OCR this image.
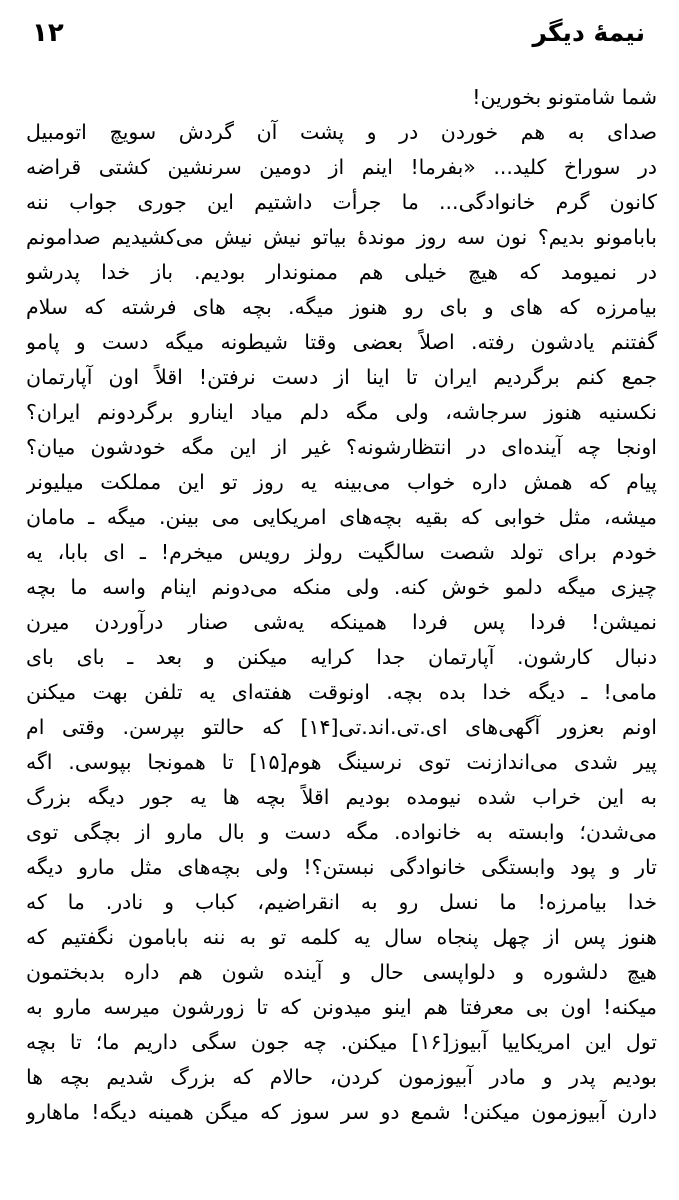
۱۲	نیمهٔ دیگر
شما شامتونو بخورین!
صدای به هم خوردن در و پشت آن گردش سویچ اتومبیل
در سوراخ کلید... «بفرما! اینم از دومین سرنشین کشتی قراضه
کانون گرم خانوادگی... ما جرأت داشتیم این جوری جواب ننه
بابامونو بدیم؟ نون سه روز موندهٔ بیاتو نیش نیش می‌کشیدیم صدامونم
در نمیومد که هیچ خیلی هم ممنوندار بودیم. باز خدا پدرشو
بیامرزه که های و بای رو هنوز میگه. بچه های فرشته که سلام
گفتنم یادشون رفته. اصلاً بعضی وقتا شیطونه میگه دست و پامو
جمع کنم برگردیم ایران تا اینا از دست نرفتن! اقلاً اون آپارتمان
نکسنیه هنوز سرجاشه، ولی مگه دلم میاد اینارو برگردونم ایران؟
اونجا چه آینده‌ای در انتظارشونه؟ غیر از این مگه خودشون میان؟
پیام که همش داره خواب می‌بینه یه روز تو این مملکت میلیونر
میشه، مثل خوابی که بقیه بچه‌های امریکایی می بینن. میگه ـ مامان
خودم برای تولد شصت سالگیت رولز رویس میخرم! ـ ای بابا، یه
چیزی میگه دلمو خوش کنه. ولی منکه می‌دونم اینام واسه ما بچه
نمیشن! فردا پس فردا همینکه یه‌شی صنار درآوردن میرن
دنبال کارشون. آپارتمان جدا کرایه میکنن و بعد ـ بای بای
مامی! ـ دیگه خدا بده بچه. اونوقت هفته‌ای یه تلفن بهت میکنن
اونم بعزور آگهی‌های ای.تی.اند.تی[۱۴] که حالتو بپرسن. وقتی ام
پیر شدی می‌اندازنت توی نرسینگ هوم[۱۵] تا همونجا بپوسی. اگه
به این خراب شده نیومده بودیم اقلاً بچه ها یه جور دیگه بزرگ
می‌شدن؛ وابسته به خانواده. مگه دست و بال مارو از بچگی توی
تار و پود وابستگی خانوادگی نبستن؟! ولی بچه‌های مثل مارو دیگه
خدا بیامرزه! ما نسل رو به انقراضیم، کباب و نادر. ما که
هنوز پس از چهل پنجاه سال یه کلمه تو به ننه بابامون نگفتیم که
هیچ دلشوره و دلواپسی حال و آینده شون هم داره بدبختمون
میکنه! اون بی معرفتا هم اینو میدونن که تا زورشون میرسه مارو به
تول این امریکاییا آبیوز[۱۶] میکنن. چه جون سگی داریم ما؛ تا بچه
بودیم پدر و مادر آبیوزمون کردن، حالام که بزرگ شدیم بچه ها
دارن آبیوزمون میکنن! شمع دو سر سوز که میگن همینه دیگه! ماهارو
